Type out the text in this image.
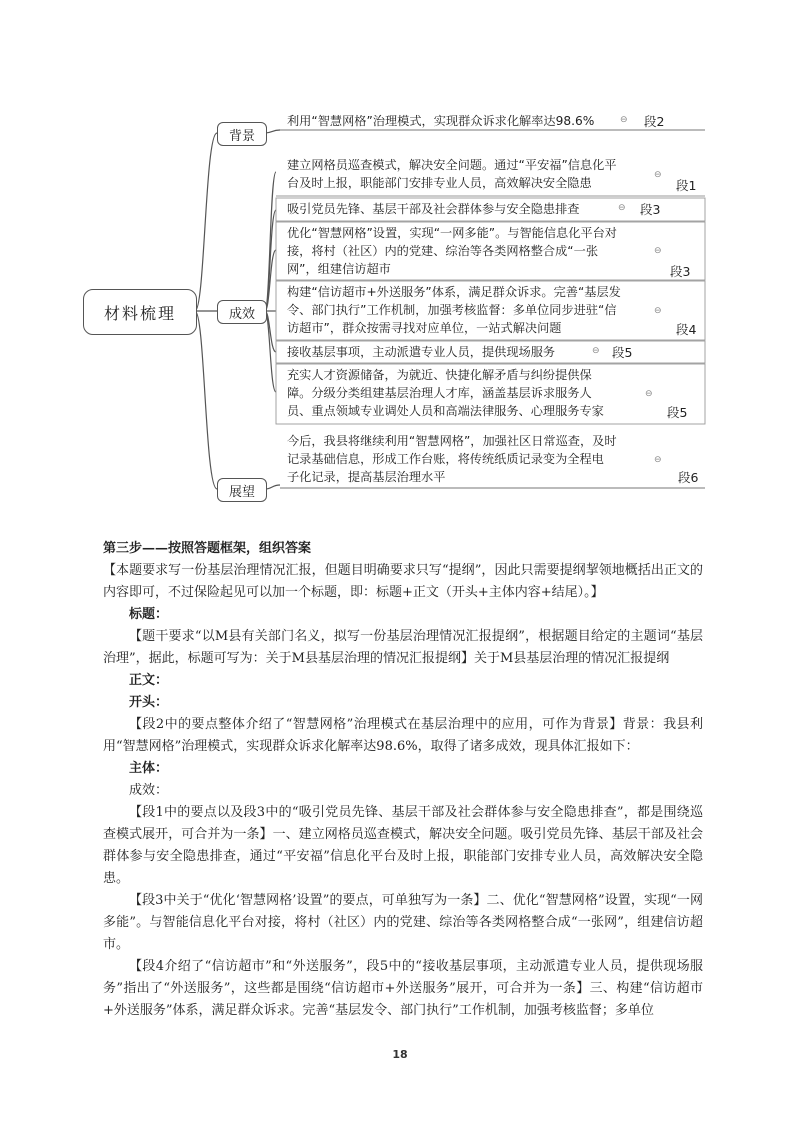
材料梳理
背景
成效
展望
利用“智慧网格”治理模式，实现群众诉求化解率达98.6%	⊖ 段2
建立网格员巡查模式，解决安全问题。通过“平安福”信息化平
台及时上报，职能部门安排专业人员，高效解决安全隐患
⊖
段1
吸引党员先锋、基层干部及社会群体参与安全隐患排查	⊖ 段3
优化“智慧网格”设置，实现“一网多能”。与智能信息化平台对
接，将村（社区）内的党建、综治等各类网格整合成“一张
网”，组建信访超市
⊖
段3
构建“信访超市+外送服务”体系，满足群众诉求。完善“基层发
令、部门执行”工作机制，加强考核监督：多单位同步进驻“信
访超市”，群众按需寻找对应单位，一站式解决问题
⊖
段4
接收基层事项，主动派遣专业人员，提供现场服务	⊖ 段5
充实人才资源储备，为就近、快捷化解矛盾与纠纷提供保
障。分级分类组建基层治理人才库，涵盖基层诉求服务人
员、重点领域专业调处人员和高端法律服务、心理服务专家
⊖
段5
今后，我县将继续利用“智慧网格”，加强社区日常巡查，及时
记录基础信息，形成工作台账，将传统纸质记录变为全程电
子化记录，提高基层治理水平
⊖
段6

第三步——按照答题框架，组织答案

【本题要求写一份基层治理情况汇报，但题目明确要求只写“提纲”，因此只需要提纲挈领地概括出正文的内容即可，不过保险起见可以加一个标题，即：标题+正文（开头+主体内容+结尾）。】

标题：

【题干要求“以M县有关部门名义，拟写一份基层治理情况汇报提纲”，根据题目给定的主题词“基层治理”，据此，标题可写为：关于M县基层治理的情况汇报提纲】关于M县基层治理的情况汇报提纲

正文：

开头：

【段2中的要点整体介绍了“智慧网格”治理模式在基层治理中的应用，可作为背景】背景：我县利用“智慧网格”治理模式，实现群众诉求化解率达98.6%，取得了诸多成效，现具体汇报如下：

主体：

成效：

【段1中的要点以及段3中的“吸引党员先锋、基层干部及社会群体参与安全隐患排查”，都是围绕巡查模式展开，可合并为一条】一、建立网格员巡查模式，解决安全问题。吸引党员先锋、基层干部及社会群体参与安全隐患排查，通过“平安福”信息化平台及时上报，职能部门安排专业人员，高效解决安全隐患。

【段3中关于“优化‘智慧网格’设置”的要点，可单独写为一条】二、优化“智慧网格”设置，实现“一网多能”。与智能信息化平台对接，将村（社区）内的党建、综治等各类网格整合成“一张网”，组建信访超市。

【段4介绍了“信访超市”和“外送服务”，段5中的“接收基层事项，主动派遣专业人员，提供现场服务”指出了“外送服务”，这些都是围绕“信访超市+外送服务”展开，可合并为一条】三、构建“信访超市+外送服务”体系，满足群众诉求。完善“基层发令、部门执行”工作机制，加强考核监督；多单位

18
